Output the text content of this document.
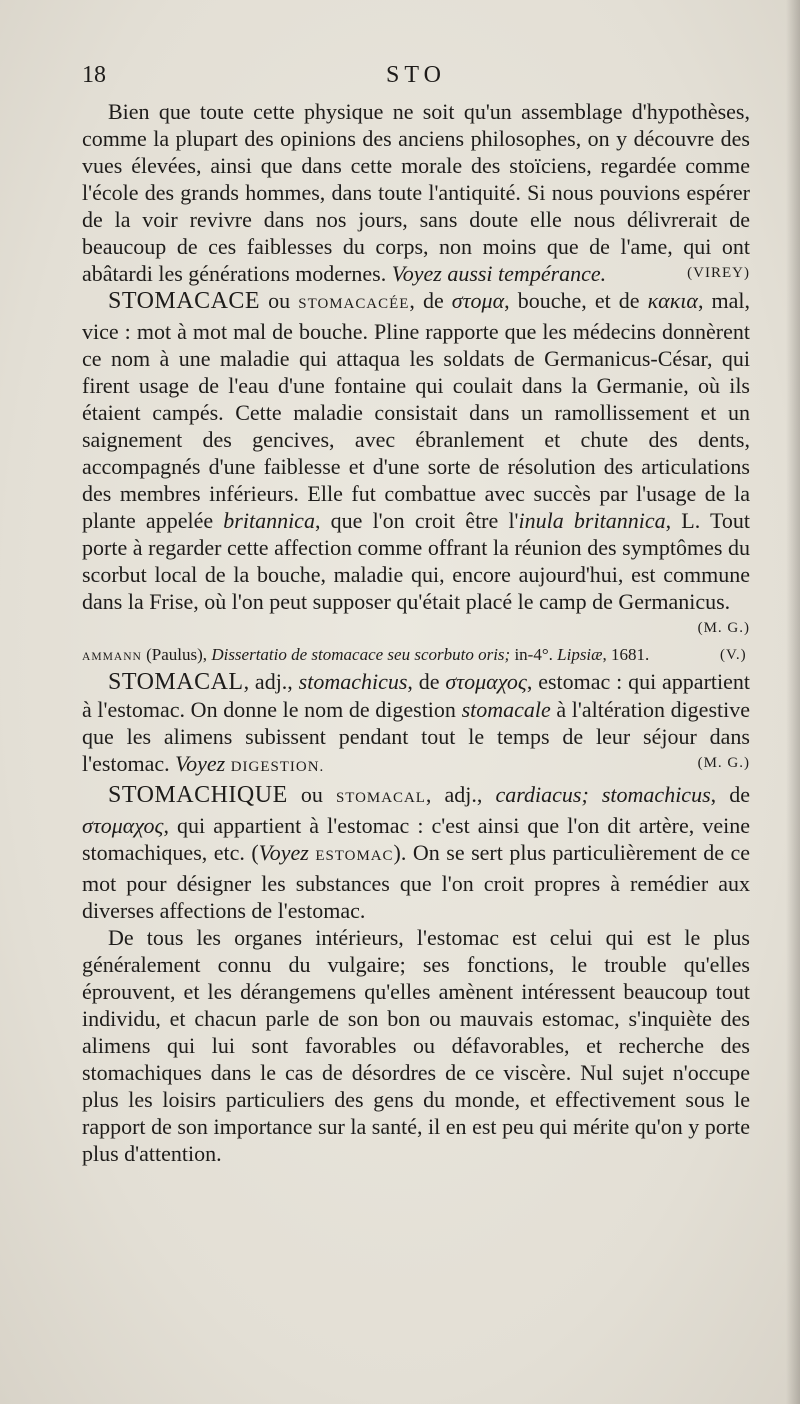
18	STO

Bien que toute cette physique ne soit qu'un assemblage d'hypothèses, comme la plupart des opinions des anciens philosophes, on y découvre des vues élevées, ainsi que dans cette morale des stoïciens, regardée comme l'école des grands hommes, dans toute l'antiquité. Si nous pouvions espérer de la voir revivre dans nos jours, sans doute elle nous délivrerait de beaucoup de ces faiblesses du corps, non moins que de l'ame, qui ont abâtardi les générations modernes. Voyez aussi tempérance.	(VIREY)

STOMACACE ou STOMACACÉE, de στομα, bouche, et de κακια, mal, vice : mot à mot mal de bouche. Pline rapporte que les médecins donnèrent ce nom à une maladie qui attaqua les soldats de Germanicus-César, qui firent usage de l'eau d'une fontaine qui coulait dans la Germanie, où ils étaient campés. Cette maladie consistait dans un ramollissement et un saignement des gencives, avec ébranlement et chute des dents, accompagnés d'une faiblesse et d'une sorte de résolution des articulations des membres inférieurs. Elle fut combattue avec succès par l'usage de la plante appelée britannica, que l'on croit être l'inula britannica, L. Tout porte à regarder cette affection comme offrant la réunion des symptômes du scorbut local de la bouche, maladie qui, encore aujourd'hui, est commune dans la Frise, où l'on peut supposer qu'était placé le camp de Germanicus.
(M. G.)

AMMANN (Paulus), Dissertatio de stomacace seu scorbuto oris; in-4°. Lipsiæ, 1681.	(V.)

STOMACAL, adj., stomachicus, de στομαχος, estomac : qui appartient à l'estomac. On donne le nom de digestion stomacale à l'altération digestive que les alimens subissent pendant tout le temps de leur séjour dans l'estomac. Voyez DIGESTION.	(M. G.)

STOMACHIQUE ou STOMACAL, adj., cardiacus; stomachicus, de στομαχος, qui appartient à l'estomac : c'est ainsi que l'on dit artère, veine stomachiques, etc. (Voyez ESTOMAC). On se sert plus particulièrement de ce mot pour désigner les substances que l'on croit propres à remédier aux diverses affections de l'estomac.

De tous les organes intérieurs, l'estomac est celui qui est le plus généralement connu du vulgaire; ses fonctions, le trouble qu'elles éprouvent, et les dérangemens qu'elles amènent intéressent beaucoup tout individu, et chacun parle de son bon ou mauvais estomac, s'inquiète des alimens qui lui sont favorables ou défavorables, et recherche des stomachiques dans le cas de désordres de ce viscère. Nul sujet n'occupe plus les loisirs particuliers des gens du monde, et effectivement sous le rapport de son importance sur la santé, il en est peu qui mérite qu'on y porte plus d'attention.
